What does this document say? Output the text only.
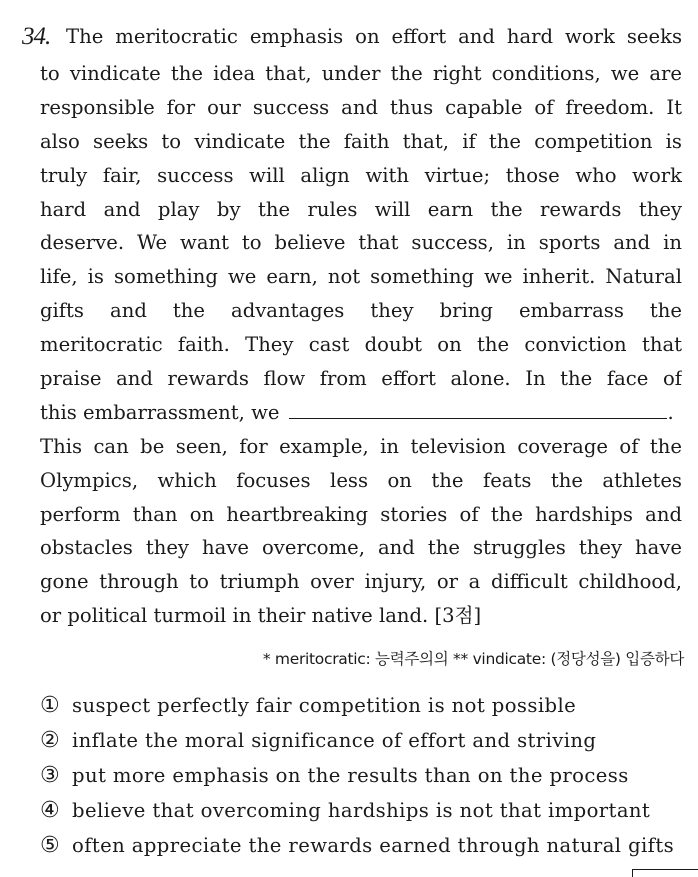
34. The meritocratic emphasis on effort and hard work seeks
to vindicate the idea that, under the right conditions, we are
responsible for our success and thus capable of freedom. It
also seeks to vindicate the faith that, if the competition is
truly fair, success will align with virtue; those who work
hard and play by the rules will earn the rewards they
deserve. We want to believe that success, in sports and in
life, is something we earn, not something we inherit. Natural
gifts and the advantages they bring embarrass the
meritocratic faith. They cast doubt on the conviction that
praise and rewards flow from effort alone. In the face of
this embarrassment, we	.
This can be seen, for example, in television coverage of the
Olympics, which focuses less on the feats the athletes
perform than on heartbreaking stories of the hardships and
obstacles they have overcome, and the struggles they have
gone through to triumph over injury, or a difficult childhood,
or political turmoil in their native land. [3점]
* meritocratic: 능력주의의 ** vindicate: (정당성을) 입증하다
① suspect perfectly fair competition is not possible
② inflate the moral significance of effort and striving
③ put more emphasis on the results than on the process
④ believe that overcoming hardships is not that important
⑤ often appreciate the rewards earned through natural gifts
